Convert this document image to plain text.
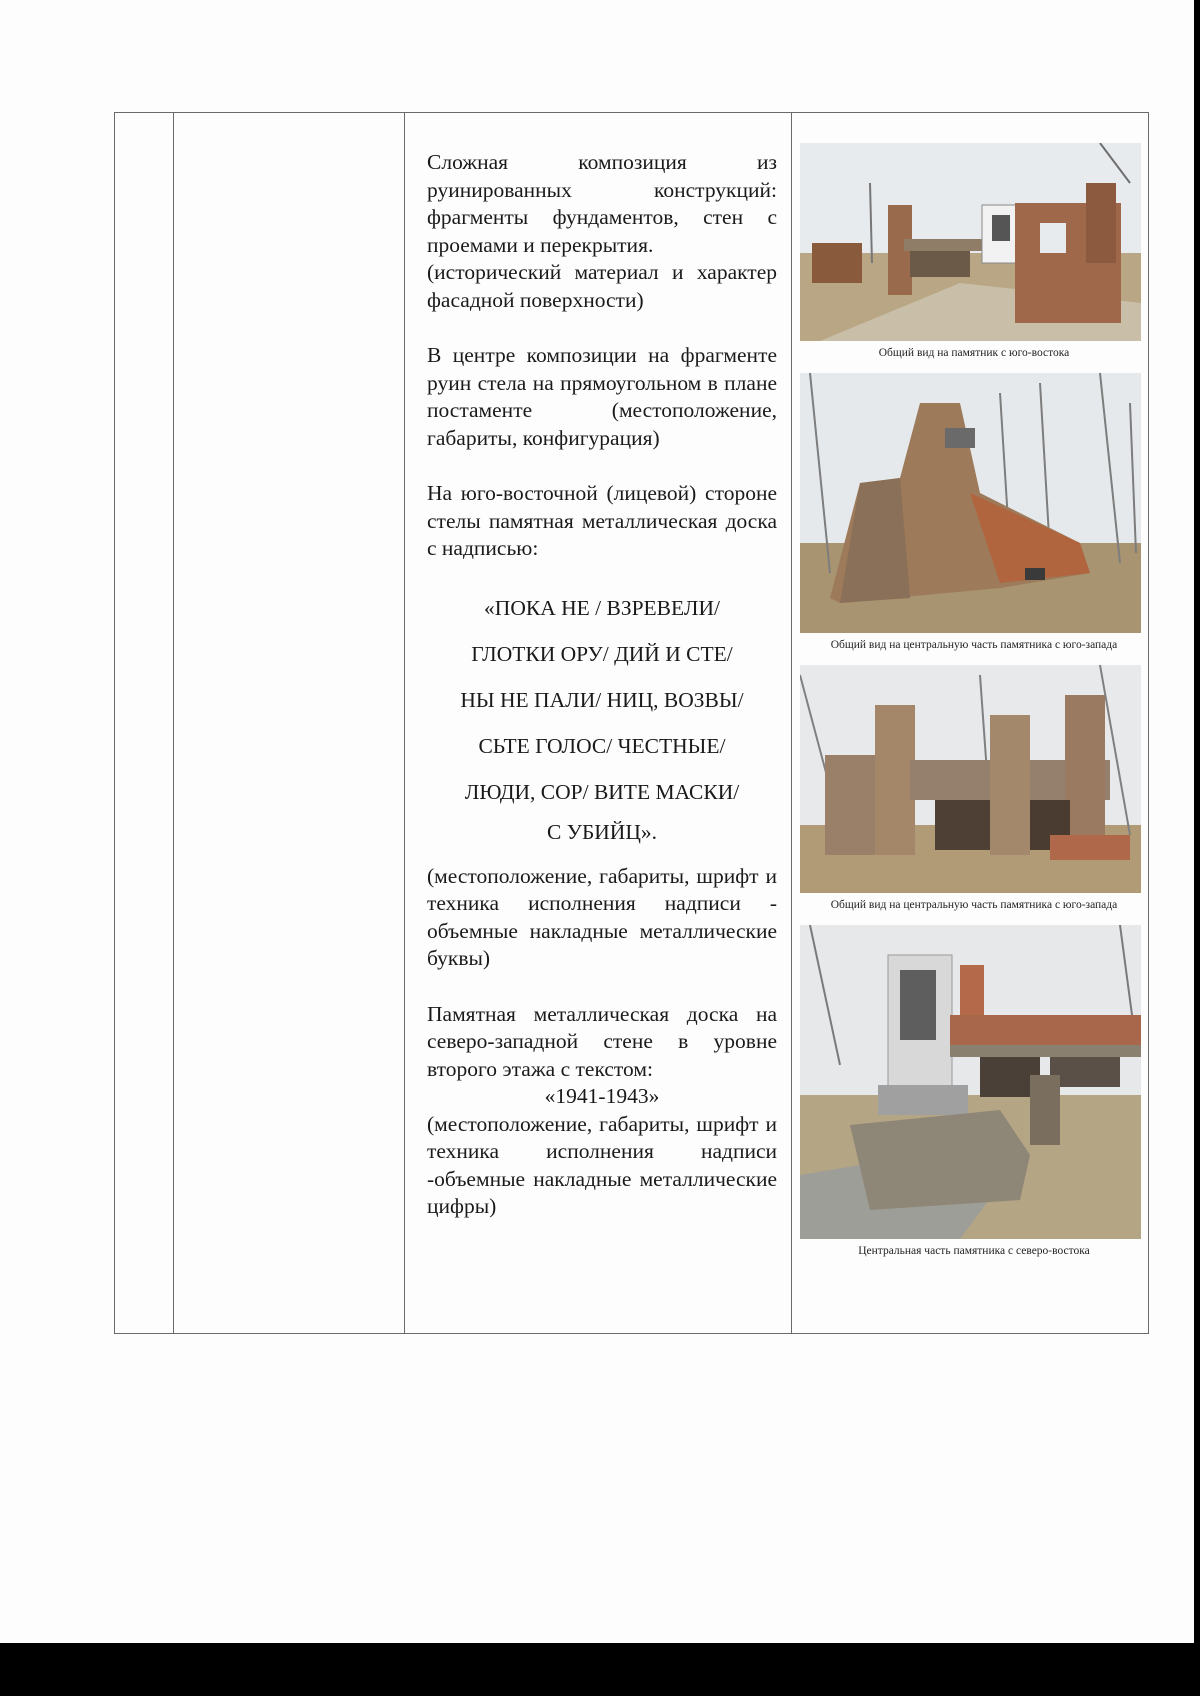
Сложная композиция из руинированных конструкций: фрагменты фундаментов, стен с проемами и перекрытия.

(исторический материал и характер фасадной поверхности)

В центре композиции на фрагменте руин стела на прямоугольном в плане постаменте (местоположение, габариты, конфигурация)

На юго-восточной (лицевой) стороне стелы памятная металлическая доска с надписью:

«ПОКА НЕ / ВЗРЕВЕЛИ/
ГЛОТКИ ОРУ/ ДИЙ И СТЕ/
НЫ НЕ ПАЛИ/ НИЦ, ВОЗВЫ/
СЬТЕ ГОЛОС/ ЧЕСТНЫЕ/
ЛЮДИ, СОР/ ВИТЕ МАСКИ/
С УБИЙЦ».

(местоположение, габариты, шрифт и техника исполнения надписи - объемные накладные металлические буквы)

Памятная металлическая доска на северо-западной стене в уровне второго этажа с текстом:

«1941-1943»

(местоположение, габариты, шрифт и техника исполнения надписи -объемные накладные металлические цифры)

Общий вид на памятник с юго-востока
Общий вид на центральную часть памятника с юго-запада
Общий вид на центральную часть памятника с юго-запада
Центральная часть памятника с северо-востока
